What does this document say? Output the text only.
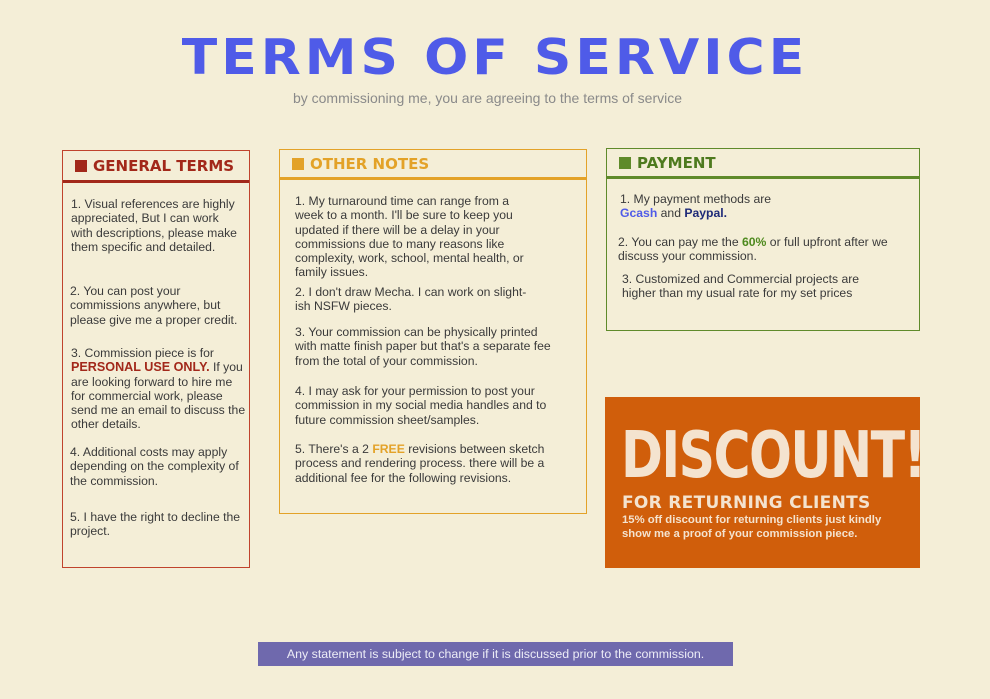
TERMS OF SERVICE
by commissioning me, you are agreeing to the terms of service
GENERAL TERMS
1. Visual references are highly appreciated, But I can work with descriptions, please make them specific and detailed.
2. You can post your commissions anywhere, but please give me a proper credit.
3. Commission piece is for PERSONAL USE ONLY. If you are looking forward to hire me for commercial work, please send me an email to discuss the other details.
4. Additional costs may apply depending on the complexity of the commission.
5. I have the right to decline the project.
OTHER NOTES
1. My turnaround time can range from a week to a month. I'll be sure to keep you updated if there will be a delay in your commissions due to many reasons like complexity, work, school, mental health, or family issues.
2. I don't draw Mecha. I can work on slight-ish NSFW pieces.
3. Your commission can be physically printed with matte finish paper but that's a separate fee from the total of your commission.
4. I may ask for your permission to post your commission in my social media handles and to future commission sheet/samples.
5. There's a 2 FREE revisions between sketch process and rendering process. there will be a additional fee for the following revisions.
PAYMENT
1. My payment methods are
Gcash and Paypal.
2. You can pay me the 60% or full upfront after we discuss your commission.
3. Customized and Commercial projects are higher than my usual rate for my set prices
DISCOUNT!
FOR RETURNING CLIENTS
15% off discount for returning clients just kindly show me a proof of your commission piece.
Any statement is subject to change if it is discussed prior to the commission.
